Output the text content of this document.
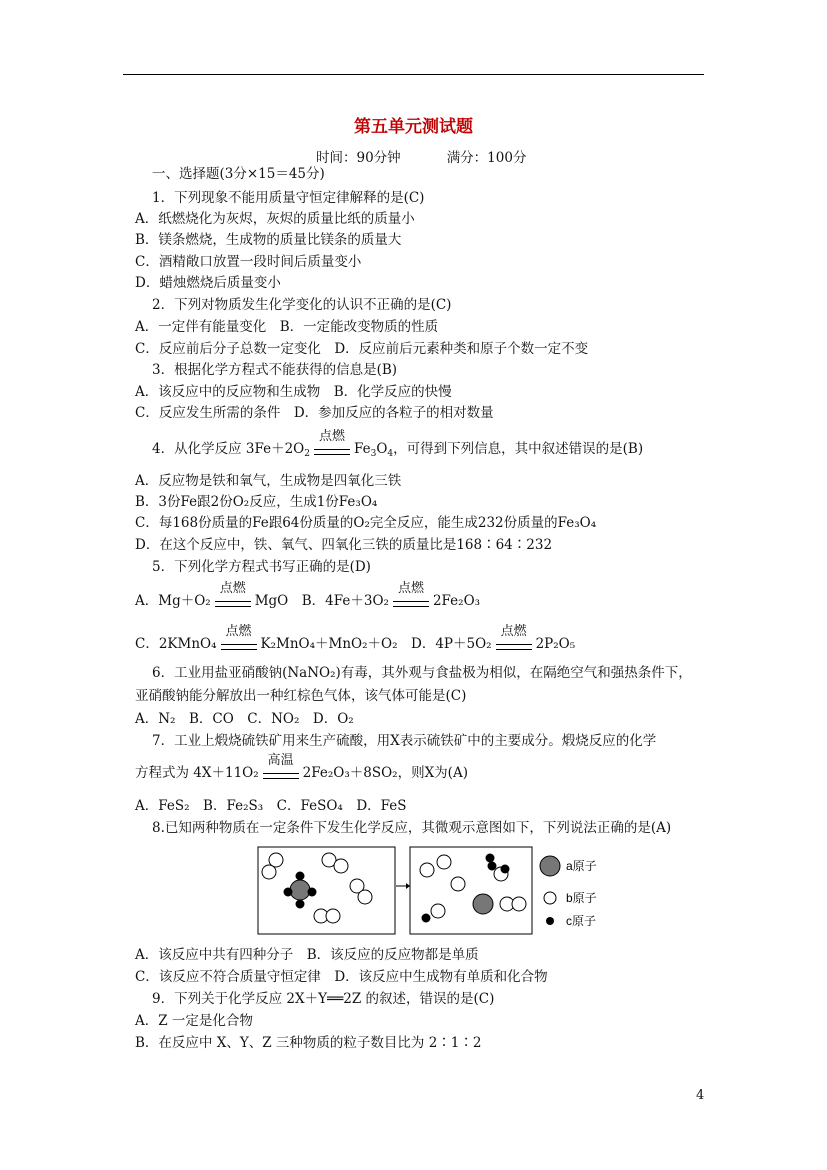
第五单元测试题
时间：90分钟	满分：100分
一、选择题(3分×15＝45分)
1．下列现象不能用质量守恒定律解释的是(C)
A．纸燃烧化为灰烬，灰烬的质量比纸的质量小
B．镁条燃烧，生成物的质量比镁条的质量大
C．酒精敞口放置一段时间后质量变小
D．蜡烛燃烧后质量变小
2．下列对物质发生化学变化的认识不正确的是(C)
A．一定伴有能量变化　B．一定能改变物质的性质
C．反应前后分子总数一定变化　D．反应前后元素种类和原子个数一定不变
3．根据化学方程式不能获得的信息是(B)
A．该反应中的反应物和生成物　B．化学反应的快慢
C．反应发生所需的条件　D．参加反应的各粒子的相对数量
4．从化学反应 $3Fe+2O_2$
点燃
$Fe_3O_4$，可得到下列信息，其中叙述错误的是(B)
A．反应物是铁和氧气，生成物是四氧化三铁
B．3份Fe跟2份O₂反应，生成1份Fe₃O₄
C．每168份质量的Fe跟64份质量的O₂完全反应，能生成232份质量的Fe₃O₄
D．在这个反应中，铁、氧气、四氧化三铁的质量比是168∶64∶232
5．下列化学方程式书写正确的是(D)
A．Mg＋O₂
点燃
MgO　 B．4Fe＋3O₂
点燃
2Fe₂O₃
C．2KMnO₄
点燃
K₂MnO₄＋MnO₂＋O₂　 D．4P＋5O₂
点燃
2P₂O₅
6．工业用盐亚硝酸钠(NaNO₂)有毒，其外观与食盐极为相似，在隔绝空气和强热条件下，
亚硝酸钠能分解放出一种红棕色气体，该气体可能是(C)
A．N₂　B．CO　C．NO₂　D．O₂
7．工业上煅烧硫铁矿用来生产硫酸，用X表示硫铁矿中的主要成分。煅烧反应的化学
方程式为 4X＋11O₂
高温
2Fe₂O₃＋8SO₂，则X为(A)
A．FeS₂　B．Fe₂S₃　C．FeSO₄　D．FeS
8.已知两种物质在一定条件下发生化学反应，其微观示意图如下，下列说法正确的是(A)
a原子
b原子
c原子
A．该反应中共有四种分子　B．该反应的反应物都是单质
C．该反应不符合质量守恒定律　D．该反应中生成物有单质和化合物
9．下列关于化学反应 2X＋Y══2Z 的叙述，错误的是(C)
A．Z 一定是化合物
B．在反应中 X、Y、Z 三种物质的粒子数目比为 2∶1∶2
4
